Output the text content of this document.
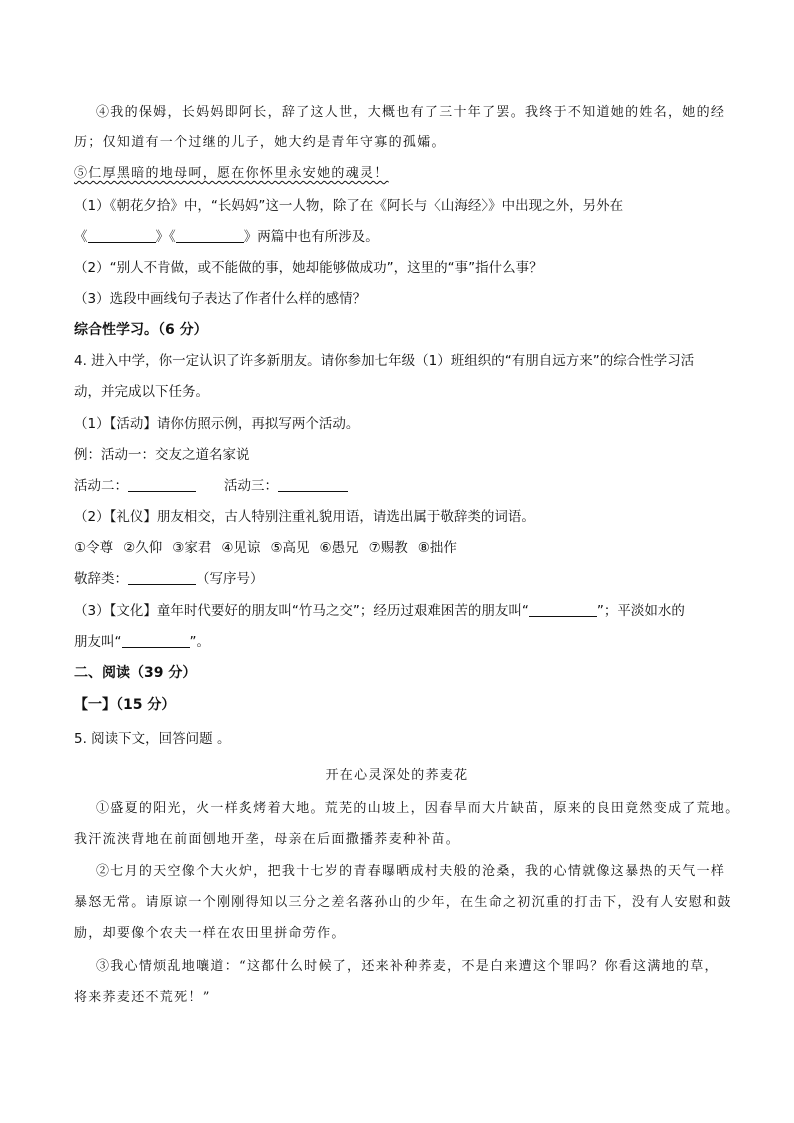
④我的保姆，长妈妈即阿长，辞了这人世，大概也有了三十年了罢。我终于不知道她的姓名，她的经
历；仅知道有一个过继的儿子，她大约是青年守寡的孤孀。
⑤仁厚黑暗的地母呵，愿在你怀里永安她的魂灵！
（1）《朝花夕拾》中，“长妈妈”这一人物，除了在《阿长与〈山海经〉》中出现之外，另外在
《	》《	》两篇中也有所涉及。
（2）“别人不肯做，或不能做的事，她却能够做成功”，这里的“事”指什么事？
（3）选段中画线句子表达了作者什么样的感情？
综合性学习。（6 分）
4. 进入中学，你一定认识了许多新朋友。请你参加七年级（1）班组织的“有朋自远方来”的综合性学习活
动，并完成以下任务。
（1）【活动】请你仿照示例，再拟写两个活动。
例：活动一：交友之道名家说
活动二：	活动三：
（2）【礼仪】朋友相交，古人特别注重礼貌用语，请选出属于敬辞类的词语。
①令尊 ②久仰 ③家君 ④见谅 ⑤高见 ⑥愚兄 ⑦赐教 ⑧拙作
敬辞类：	（写序号）
（3）【文化】童年时代要好的朋友叫“竹马之交”；经历过艰难困苦的朋友叫“	”；平淡如水的
朋友叫“	”。
二、阅读（39 分）
【一】（15 分）
5. 阅读下文，回答问题 。
开在心灵深处的荞麦花
①盛夏的阳光，火一样炙烤着大地。荒芜的山坡上，因春旱而大片缺苗，原来的良田竟然变成了荒地。
我汗流浃背地在前面刨地开垄，母亲在后面撒播荞麦种补苗。
②七月的天空像个大火炉，把我十七岁的青春曝晒成村夫般的沧桑，我的心情就像这暴热的天气一样
暴怒无常。请原谅一个刚刚得知以三分之差名落孙山的少年，在生命之初沉重的打击下，没有人安慰和鼓
励，却要像个农夫一样在农田里拼命劳作。
③我心情烦乱地嚷道：“这都什么时候了，还来补种荞麦，不是白来遭这个罪吗？你看这满地的草，
将来荞麦还不荒死！”
